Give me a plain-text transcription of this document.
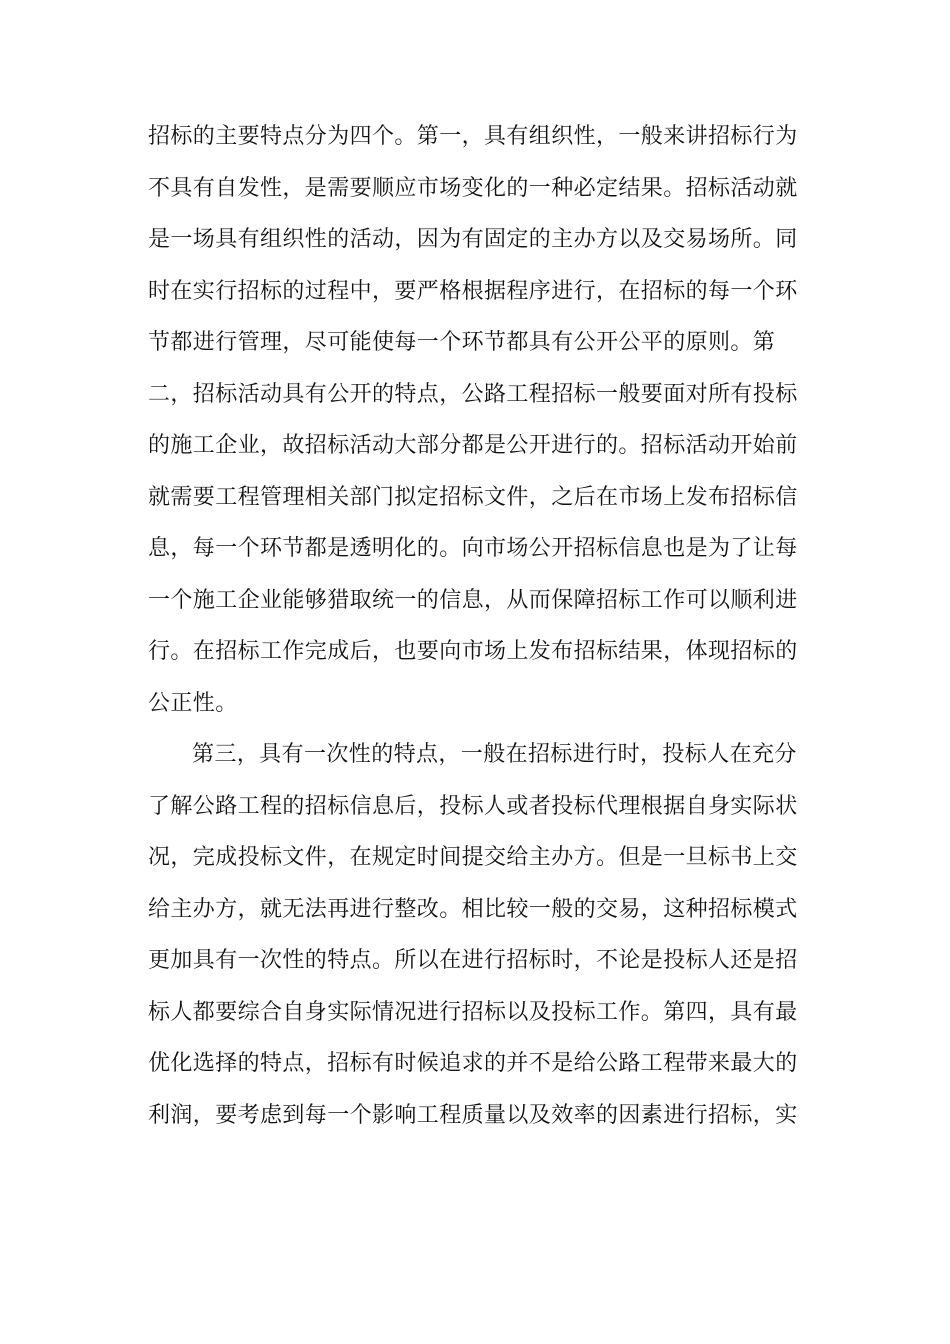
招标的主要特点分为四个。第一，具有组织性，一般来讲招标行为
不具有自发性，是需要顺应市场变化的一种必定结果。招标活动就
是一场具有组织性的活动，因为有固定的主办方以及交易场所。同
时在实行招标的过程中，要严格根据程序进行，在招标的每一个环
节都进行管理，尽可能使每一个环节都具有公开公平的原则。第
二，招标活动具有公开的特点，公路工程招标一般要面对所有投标
的施工企业，故招标活动大部分都是公开进行的。招标活动开始前
就需要工程管理相关部门拟定招标文件，之后在市场上发布招标信
息，每一个环节都是透明化的。向市场公开招标信息也是为了让每
一个施工企业能够猎取统一的信息，从而保障招标工作可以顺利进
行。在招标工作完成后，也要向市场上发布招标结果，体现招标的
公正性。
第三，具有一次性的特点，一般在招标进行时，投标人在充分
了解公路工程的招标信息后，投标人或者投标代理根据自身实际状
况，完成投标文件，在规定时间提交给主办方。但是一旦标书上交
给主办方，就无法再进行整改。相比较一般的交易，这种招标模式
更加具有一次性的特点。所以在进行招标时，不论是投标人还是招
标人都要综合自身实际情况进行招标以及投标工作。第四，具有最
优化选择的特点，招标有时候追求的并不是给公路工程带来最大的
利润，要考虑到每一个影响工程质量以及效率的因素进行招标，实
